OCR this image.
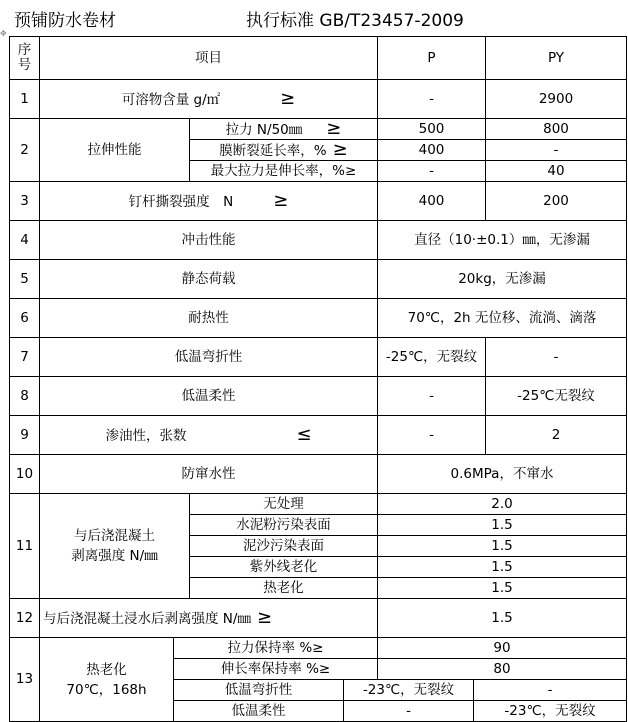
预铺防水卷材	执行标准 GB/T23457-2009
✥
序
号	项目				P		PY
1	可溶物含量 g/㎡ ≥				-		2900
2	拉伸性能		拉力 N/50㎜ ≥		500		800
			膜断裂延长率，% ≥		400		-
			最大拉力是伸长率，%≥		-		40
3	钉杆撕裂强度　N ≥				400		200
4	冲击性能				直径（10·±0.1）㎜，无渗漏		
5	静态荷载				20kg，无渗漏		
6	耐热性				70℃，2h 无位移、流淌、滴落		
7	低温弯折性				-25℃，无裂纹		-
8	低温柔性				-		-25℃无裂纹
9	渗油性，张数 ≤				-		2
10	防窜水性				0.6MPa，不窜水		
11	与后浇混凝土
剥离强度 N/㎜		无处理		2.0		
			水泥粉污染表面		1.5		
			泥沙污染表面		1.5		
			紫外线老化		1.5		
			热老化		1.5		
12	与后浇混凝土浸水后剥离强度 N/㎜ ≥				1.5		
13	热老化
70℃，168h	拉力保持率 %≥			90		
		伸长率保持率 %≥			80		
		低温弯折性		-23℃，无裂纹		-	
		低温柔性		-		-23℃，无裂纹	
